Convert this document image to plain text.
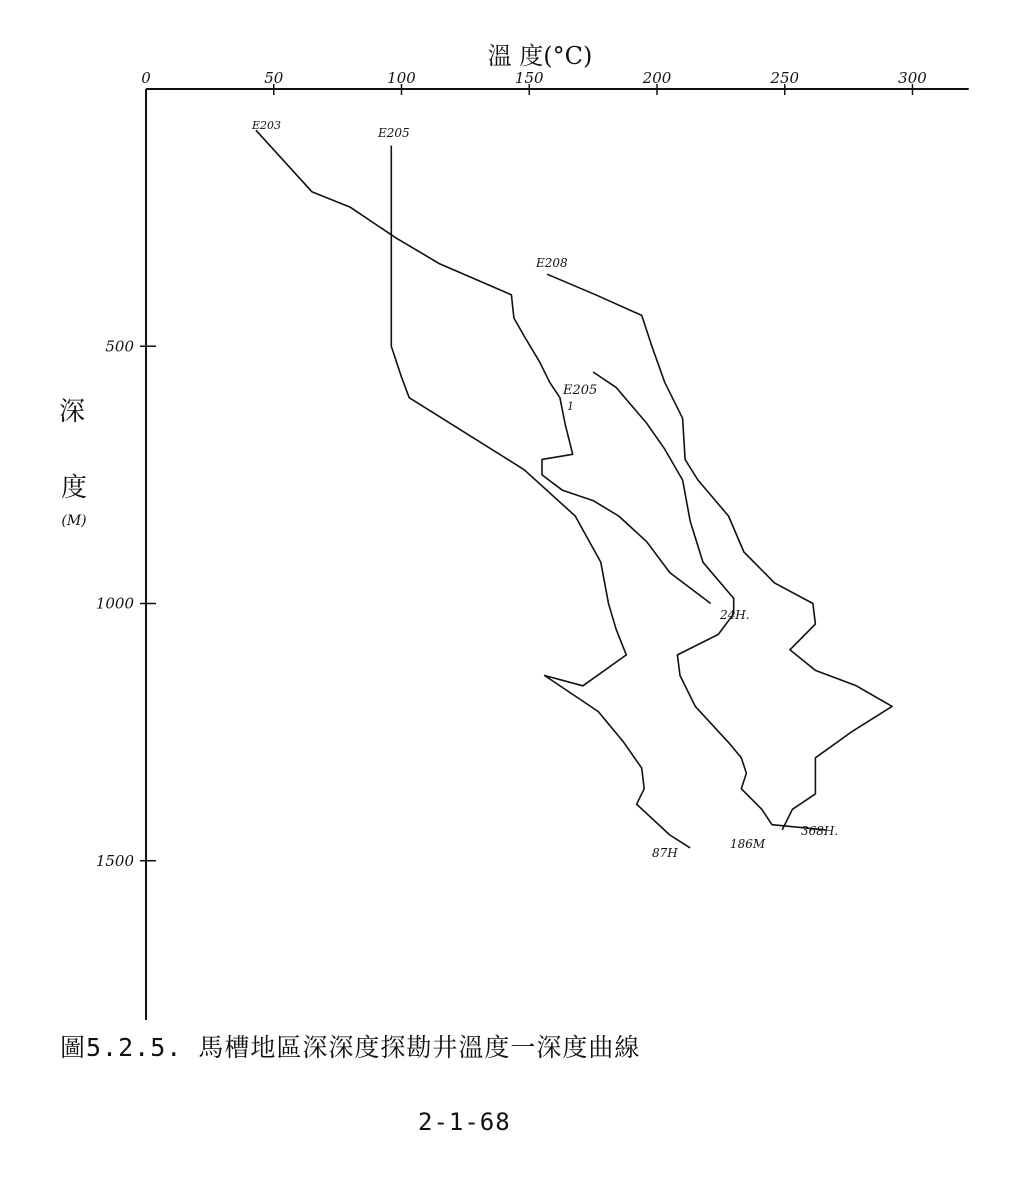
0	50	100	150	200	250	300
500
1000
1500
溫 度(°C)
深
度
(M)
E203
E205
E208
E205
1
24H.
87H
186M
368H.
圖5.2.5. 馬槽地區深深度探勘井溫度一深度曲線
2-1-68
